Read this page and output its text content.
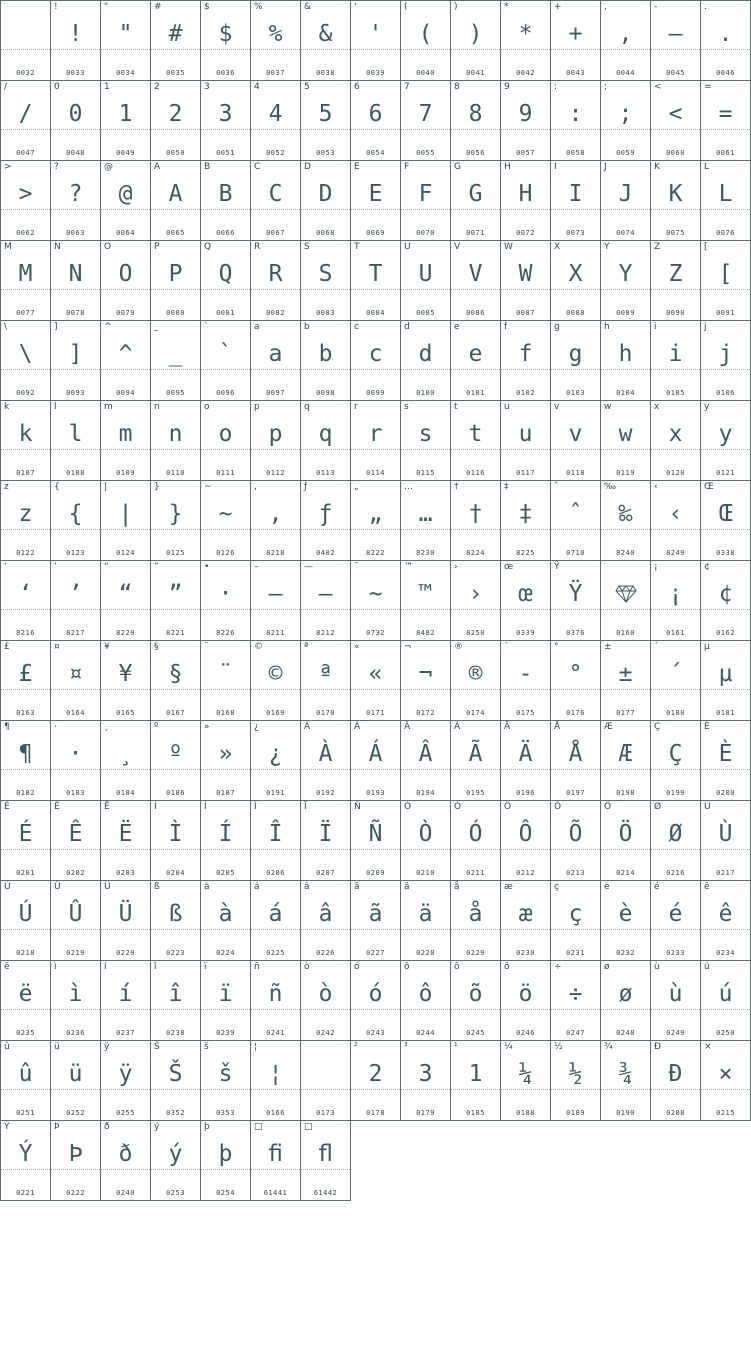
0032
!
!
0033
"
"
0034
#
#
0035
$
$
0036
%
%
0037
&
&
0038
'
'
0039
(
(
0040
)
)
0041
*
*
0042
+
+
0043
,
,
0044
-
–
0045
.
.
0046
/
/
0047
0
0
0048
1
1
0049
2
2
0050
3
3
0051
4
4
0052
5
5
0053
6
6
0054
7
7
0055
8
8
0056
9
9
0057
:
:
0058
;
;
0059
<
<
0060
=
=
0061
>
>
0062
?
?
0063
@
@
0064
A
A
0065
B
B
0066
C
C
0067
D
D
0068
E
E
0069
F
F
0070
G
G
0071
H
H
0072
I
I
0073
J
J
0074
K
K
0075
L
L
0076
M
M
0077
N
N
0078
O
O
0079
P
P
0080
Q
Q
0081
R
R
0082
S
S
0083
T
T
0084
U
U
0085
V
V
0086
W
W
0087
X
X
0088
Y
Y
0089
Z
Z
0090
[
[
0091
\
\
0092
]
]
0093
^
^
0094
_
_
0095
`
`
0096
a
a
0097
b
b
0098
c
c
0099
d
d
0100
e
e
0101
f
f
0102
g
g
0103
h
h
0104
i
i
0105
j
j
0106
k
k
0107
l
l
0108
m
m
0109
n
n
0110
o
o
0111
p
p
0112
q
q
0113
r
r
0114
s
s
0115
t
t
0116
u
u
0117
v
v
0118
w
w
0119
x
x
0120
y
y
0121
z
z
0122
{
{
0123
|
|
0124
}
}
0125
~
~
0126
‚
‚
8218
ƒ
ƒ
0402
„
„
8222
…
…
8230
†
†
8224
‡
‡
8225
ˆ
ˆ
0710
‰
‰
8240
‹
‹
8249
Œ
Œ
0338
‘
‘
8216
’
’
8217
“
“
8220
”
”
8221
•
·
8226
–
–
8211
—
—
8212
˜
~
0732
™
™
8482
›
›
8250
œ
œ
0339
Ÿ
Ÿ
0376	0160
¡
¡
0161
¢
¢
0162
£
£
0163
¤
¤
0164
¥
¥
0165
§
§
0167
¨
¨
0168
©
©
0169
ª
ª
0170
«
«
0171
¬
¬
0172
®
®
0174
¯
-
0175
°
°
0176
±
±
0177
´
´
0180
µ
µ
0181
¶
¶
0182
·
·
0183
¸
¸
0184
º
º
0186
»
»
0187
¿
¿
0191
À
À
0192
Á
Á
0193
Â
Â
0194
Ã
Ã
0195
Ä
Ä
0196
Å
Å
0197
Æ
Æ
0198
Ç
Ç
0199
È
È
0200
É
É
0201
Ê
Ê
0202
Ë
Ë
0203
Ì
Ì
0204
Í
Í
0205
Î
Î
0206
Ï
Ï
0207
Ñ
Ñ
0209
Ò
Ò
0210
Ó
Ó
0211
Ô
Ô
0212
Õ
Õ
0213
Ö
Ö
0214
Ø
Ø
0216
Ù
Ù
0217
Ú
Ú
0218
Û
Û
0219
Ü
Ü
0220
ß
ß
0223
à
à
0224
á
á
0225
â
â
0226
ã
ã
0227
ä
ä
0228
å
å
0229
æ
æ
0230
ç
ç
0231
è
è
0232
é
é
0233
ê
ê
0234
ë
ë
0235
ì
ì
0236
í
í
0237
î
î
0238
ï
ï
0239
ñ
ñ
0241
ò
ò
0242
ó
ó
0243
ô
ô
0244
õ
õ
0245
ö
ö
0246
÷
÷
0247
ø
ø
0248
ù
ù
0249
ú
ú
0250
û
û
0251
ü
ü
0252
ÿ
ÿ
0255
Š
Š
0352
š
š
0353
¦
¦
0166	0173
²
2
0178
³
3
0179
¹
1
0185
¼
¼
0188
½
½
0189
¾
¾
0190
Ð
Ð
0208
×
×
0215
Ý
Ý
0221
Þ
Þ
0222
ð
ð
0240
ý
ý
0253
þ
þ
0254
□
ﬁ
61441
□
ﬂ
61442
